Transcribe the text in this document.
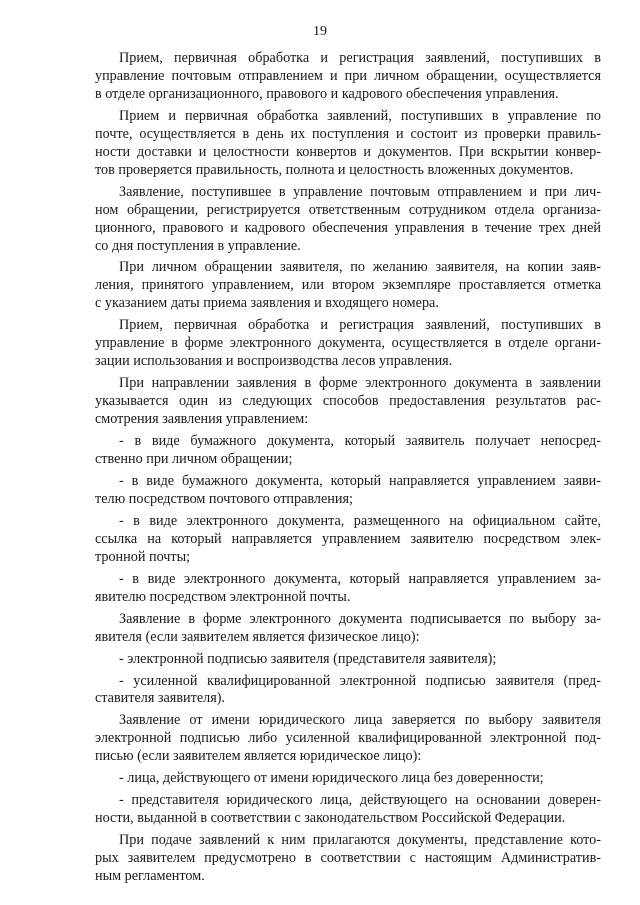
19
Прием, первичная обработка и регистрация заявлений, поступивших в
управление почтовым отправлением и при личном обращении, осуществляется
в отделе организационного, правового и кадрового обеспечения управления.
Прием и первичная обработка заявлений, поступивших в управление по
почте, осуществляется в день их поступления и состоит из проверки правиль-
ности доставки и целостности конвертов и документов. При вскрытии конвер-
тов проверяется правильность, полнота и целостность вложенных документов.
Заявление, поступившее в управление почтовым отправлением и при лич-
ном обращении, регистрируется ответственным сотрудником отдела организа-
ционного, правового и кадрового обеспечения управления в течение трех дней
со дня поступления в управление.
При личном обращении заявителя, по желанию заявителя, на копии заяв-
ления, принятого управлением, или втором экземпляре проставляется отметка
с указанием даты приема заявления и входящего номера.
Прием, первичная обработка и регистрация заявлений, поступивших в
управление в форме электронного документа, осуществляется в отделе органи-
зации использования и воспроизводства лесов управления.
При направлении заявления в форме электронного документа в заявлении
указывается один из следующих способов предоставления результатов рас-
смотрения заявления управлением:
- в виде бумажного документа, который заявитель получает непосред-
ственно при личном обращении;
- в виде бумажного документа, который направляется управлением заяви-
телю посредством почтового отправления;
- в виде электронного документа, размещенного на официальном сайте,
ссылка на который направляется управлением заявителю посредством элек-
тронной почты;
- в виде электронного документа, который направляется управлением за-
явителю посредством электронной почты.
Заявление в форме электронного документа подписывается по выбору за-
явителя (если заявителем является физическое лицо):
- электронной подписью заявителя (представителя заявителя);
- усиленной квалифицированной электронной подписью заявителя (пред-
ставителя заявителя).
Заявление от имени юридического лица заверяется по выбору заявителя
электронной подписью либо усиленной квалифицированной электронной под-
писью (если заявителем является юридическое лицо):
- лица, действующего от имени юридического лица без доверенности;
- представителя юридического лица, действующего на основании доверен-
ности, выданной в соответствии с законодательством Российской Федерации.
При подаче заявлений к ним прилагаются документы, представление кото-
рых заявителем предусмотрено в соответствии с настоящим Административ-
ным регламентом.
